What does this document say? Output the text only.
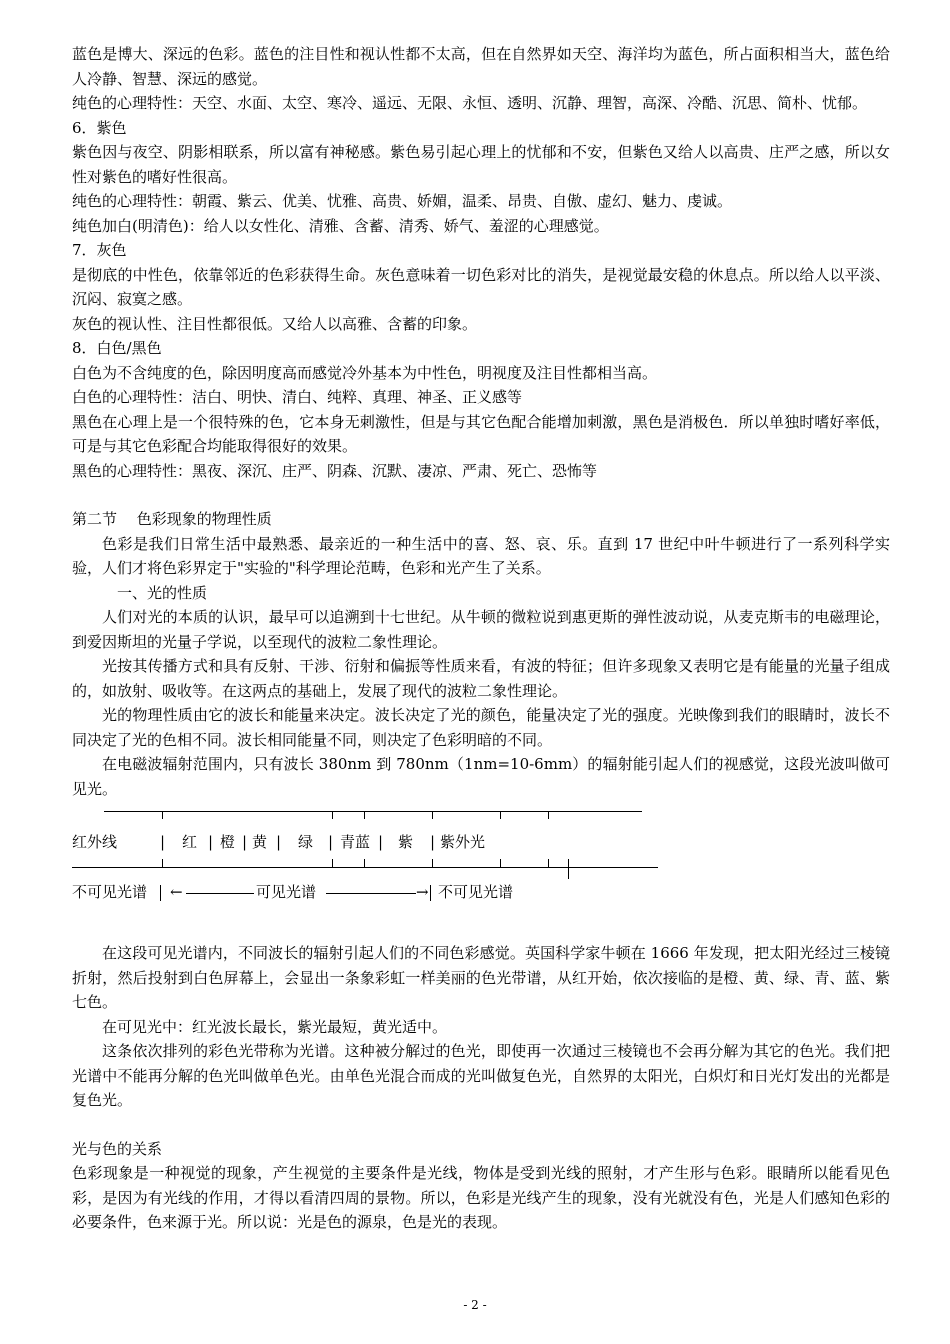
蓝色是博大、深远的色彩。蓝色的注目性和视认性都不太高，但在自然界如天空、海洋均为蓝色，所占面积相当大，蓝色给人冷静、智慧、深远的感觉。

纯色的心理特性：天空、水面、太空、寒冷、遥远、无限、永恒、透明、沉静、理智，高深、冷酷、沉思、简朴、忧郁。

6．紫色

紫色因与夜空、阴影相联系，所以富有神秘感。紫色易引起心理上的忧郁和不安，但紫色又给人以高贵、庄严之感，所以女性对紫色的嗜好性很高。

纯色的心理特性：朝霞、紫云、优美、忧雅、高贵、娇媚，温柔、昂贵、自傲、虚幻、魅力、虔诚。

纯色加白(明清色)：给人以女性化、清雅、含蓄、清秀、娇气、羞涩的心理感觉。

7．灰色

是彻底的中性色，依靠邻近的色彩获得生命。灰色意味着一切色彩对比的消失，是视觉最安稳的休息点。所以给人以平淡、沉闷、寂寞之感。

灰色的视认性、注目性都很低。又给人以高雅、含蓄的印象。

8．白色/黑色

白色为不含纯度的色，除因明度高而感觉冷外基本为中性色，明视度及注目性都相当高。

白色的心理特性：洁白、明快、清白、纯粹、真理、神圣、正义感等

黑色在心理上是一个很特殊的色，它本身无刺激性，但是与其它色配合能增加刺激，黑色是消极色．所以单独时嗜好率低，可是与其它色彩配合均能取得很好的效果。

黑色的心理特性：黑夜、深沉、庄严、阴森、沉默、凄凉、严肃、死亡、恐怖等

第二节　 色彩现象的物理性质

色彩是我们日常生活中最熟悉、最亲近的一种生活中的喜、怒、哀、乐。直到 17 世纪中叶牛顿进行了一系列科学实验，人们才将色彩界定于"实验的"科学理论范畴，色彩和光产生了关系。

一、光的性质

人们对光的本质的认识，最早可以追溯到十七世纪。从牛顿的微粒说到惠更斯的弹性波动说，从麦克斯韦的电磁理论，到爱因斯坦的光量子学说，以至现代的波粒二象性理论。

光按其传播方式和具有反射、干涉、衍射和偏振等性质来看，有波的特征；但许多现象又表明它是有能量的光量子组成的，如放射、吸收等。在这两点的基础上，发展了现代的波粒二象性理论。

光的物理性质由它的波长和能量来决定。波长决定了光的颜色，能量决定了光的强度。光映像到我们的眼睛时，波长不同决定了光的色相不同。波长相同能量不同，则决定了色彩明暗的不同。

在电磁波辐射范围内，只有波长 380nm 到 780nm（1nm=10-6mm）的辐射能引起人们的视感觉，这段光波叫做可见光。

红外线	| 红 | 橙 | 黄 | 绿 | 青蓝 | 紫 | 紫外光
不可见光谱 ←	可见光谱	→ 不可见光谱

在这段可见光谱内，不同波长的辐射引起人们的不同色彩感觉。英国科学家牛顿在 1666 年发现，把太阳光经过三棱镜折射，然后投射到白色屏幕上，会显出一条象彩虹一样美丽的色光带谱，从红开始，依次接临的是橙、黄、绿、青、蓝、紫七色。

在可见光中：红光波长最长，紫光最短，黄光适中。

这条依次排列的彩色光带称为光谱。这种被分解过的色光，即使再一次通过三棱镜也不会再分解为其它的色光。我们把光谱中不能再分解的色光叫做单色光。由单色光混合而成的光叫做复色光，自然界的太阳光，白炽灯和日光灯发出的光都是复色光。

光与色的关系

色彩现象是一种视觉的现象，产生视觉的主要条件是光线，物体是受到光线的照射，才产生形与色彩。眼睛所以能看见色彩，是因为有光线的作用，才得以看清四周的景物。所以，色彩是光线产生的现象，没有光就没有色，光是人们感知色彩的必要条件，色来源于光。所以说：光是色的源泉，色是光的表现。

- 2 -
